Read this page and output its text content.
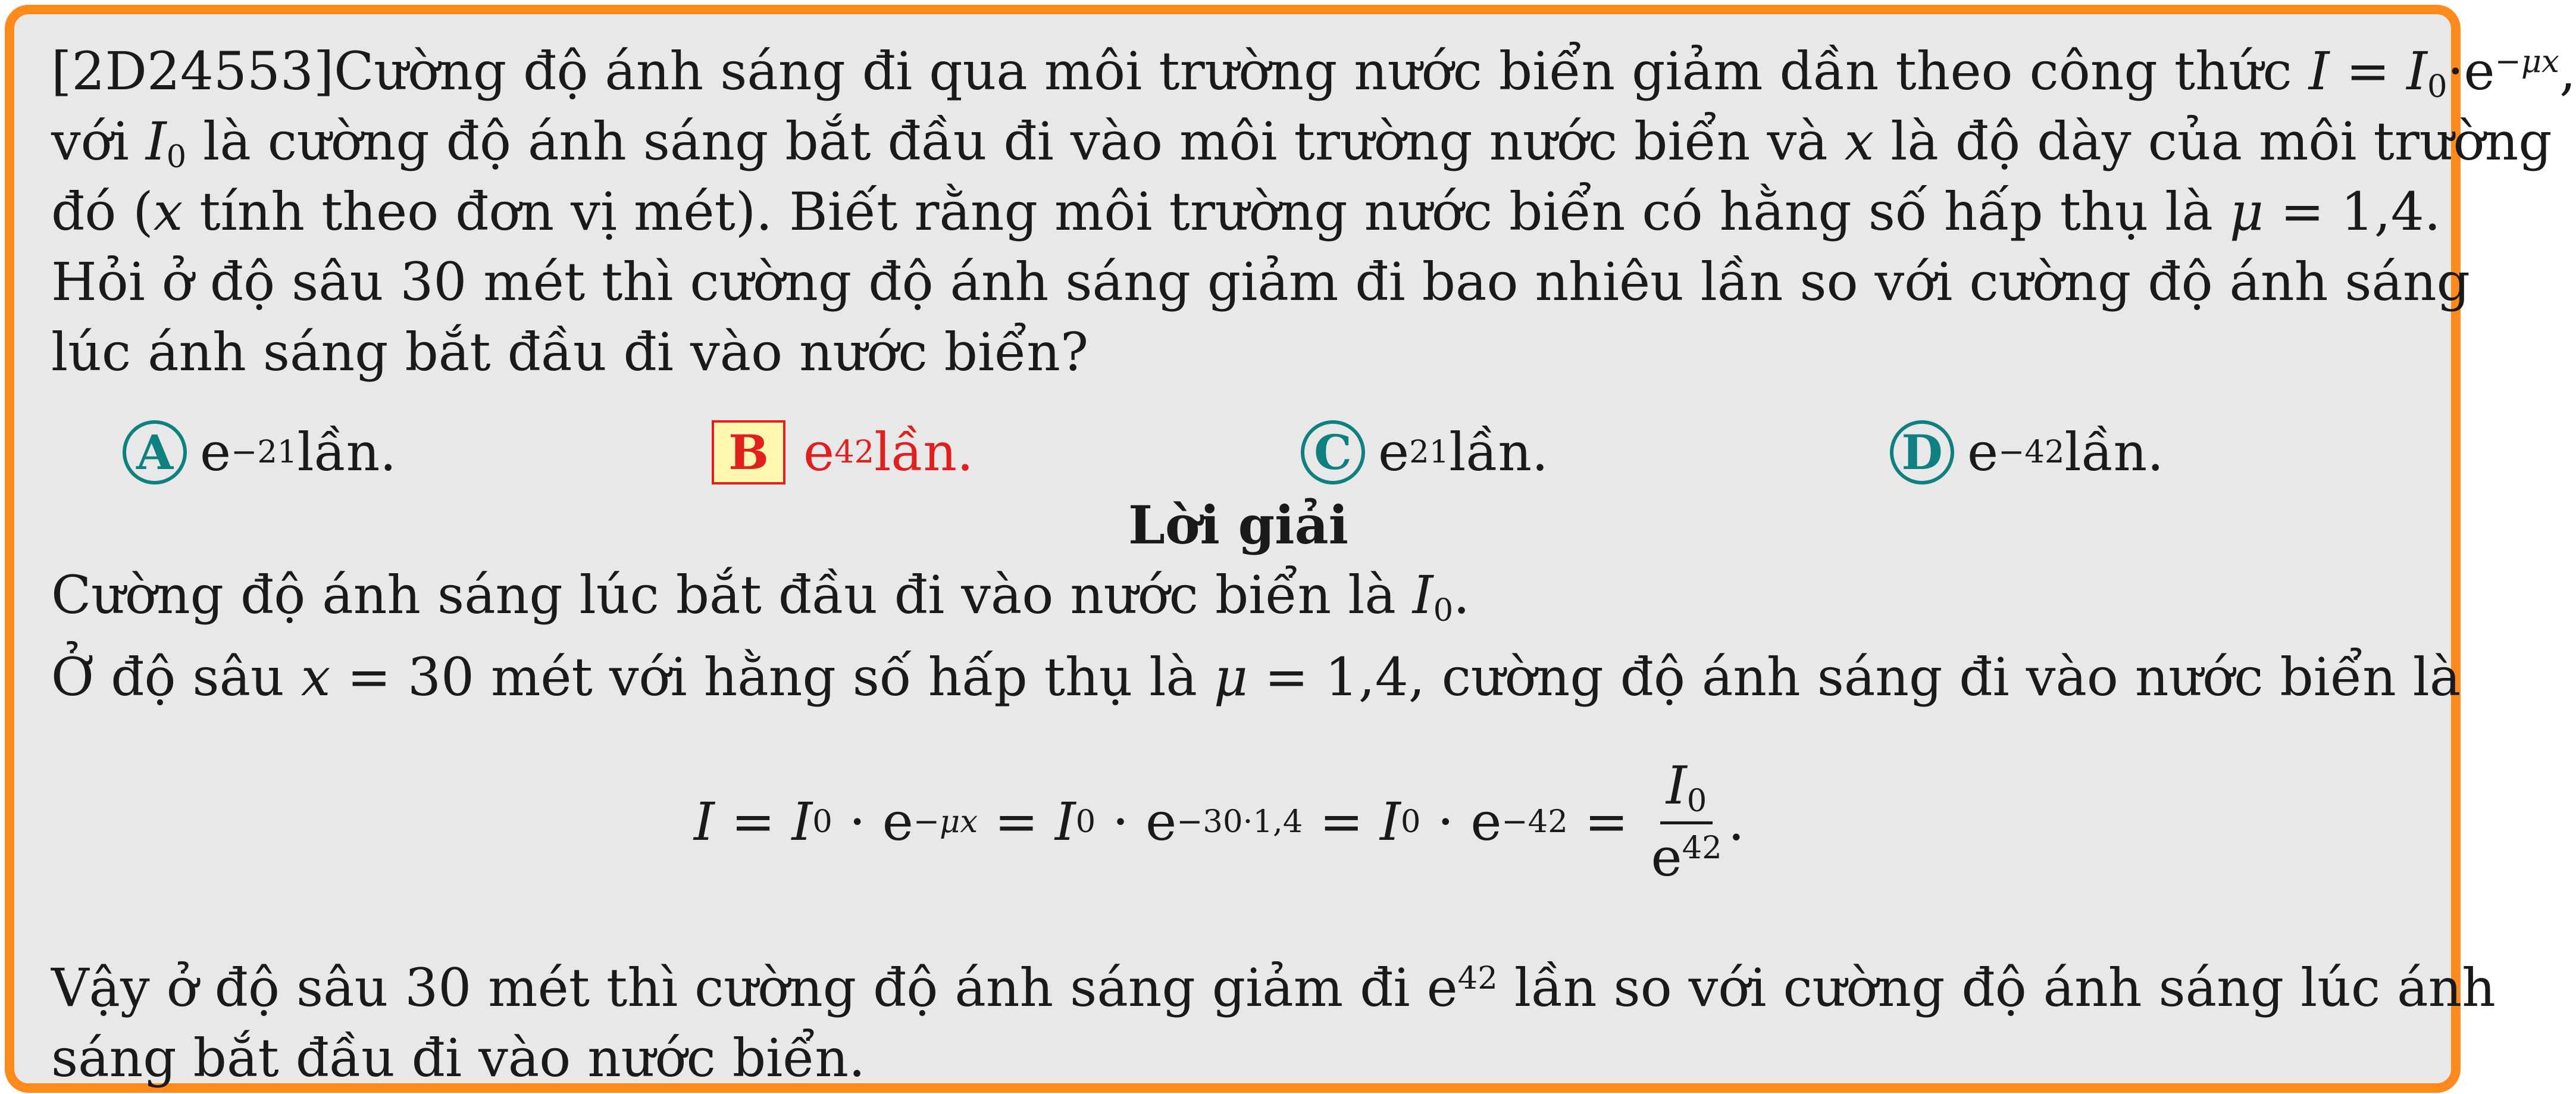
[2D24553]Cường độ ánh sáng đi qua môi trường nước biển giảm dần theo công thức $I = I_0\cdot e^{-\mu x}$,
với $I_0$ là cường độ ánh sáng bắt đầu đi vào môi trường nước biển và x là độ dày của môi trường
đó (x tính theo đơn vị mét). Biết rằng môi trường nước biển có hằng số hấp thụ là μ = 1,4.
Hỏi ở độ sâu 30 mét thì cường độ ánh sáng giảm đi bao nhiêu lần so với cường độ ánh sáng
lúc ánh sáng bắt đầu đi vào nước biển?
A e −21 lần.	B e 42 lần.	C e 21 lần.	D e −42 lần.
Lời giải
Cường độ ánh sáng lúc bắt đầu đi vào nước biển là $I_0$.
Ở độ sâu x = 30 mét với hằng số hấp thụ là μ = 1,4, cường độ ánh sáng đi vào nước biển là
I = I 0 · e −μx = I 0 · e −30·1,4 = I $0 \cdot e -42 = \frac{I_0}{e^{42}}$ .
Vậy ở độ sâu 30 mét thì cường độ ánh sáng giảm đi $e^{42}$ lần so với cường độ ánh sáng lúc ánh
sáng bắt đầu đi vào nước biển.
